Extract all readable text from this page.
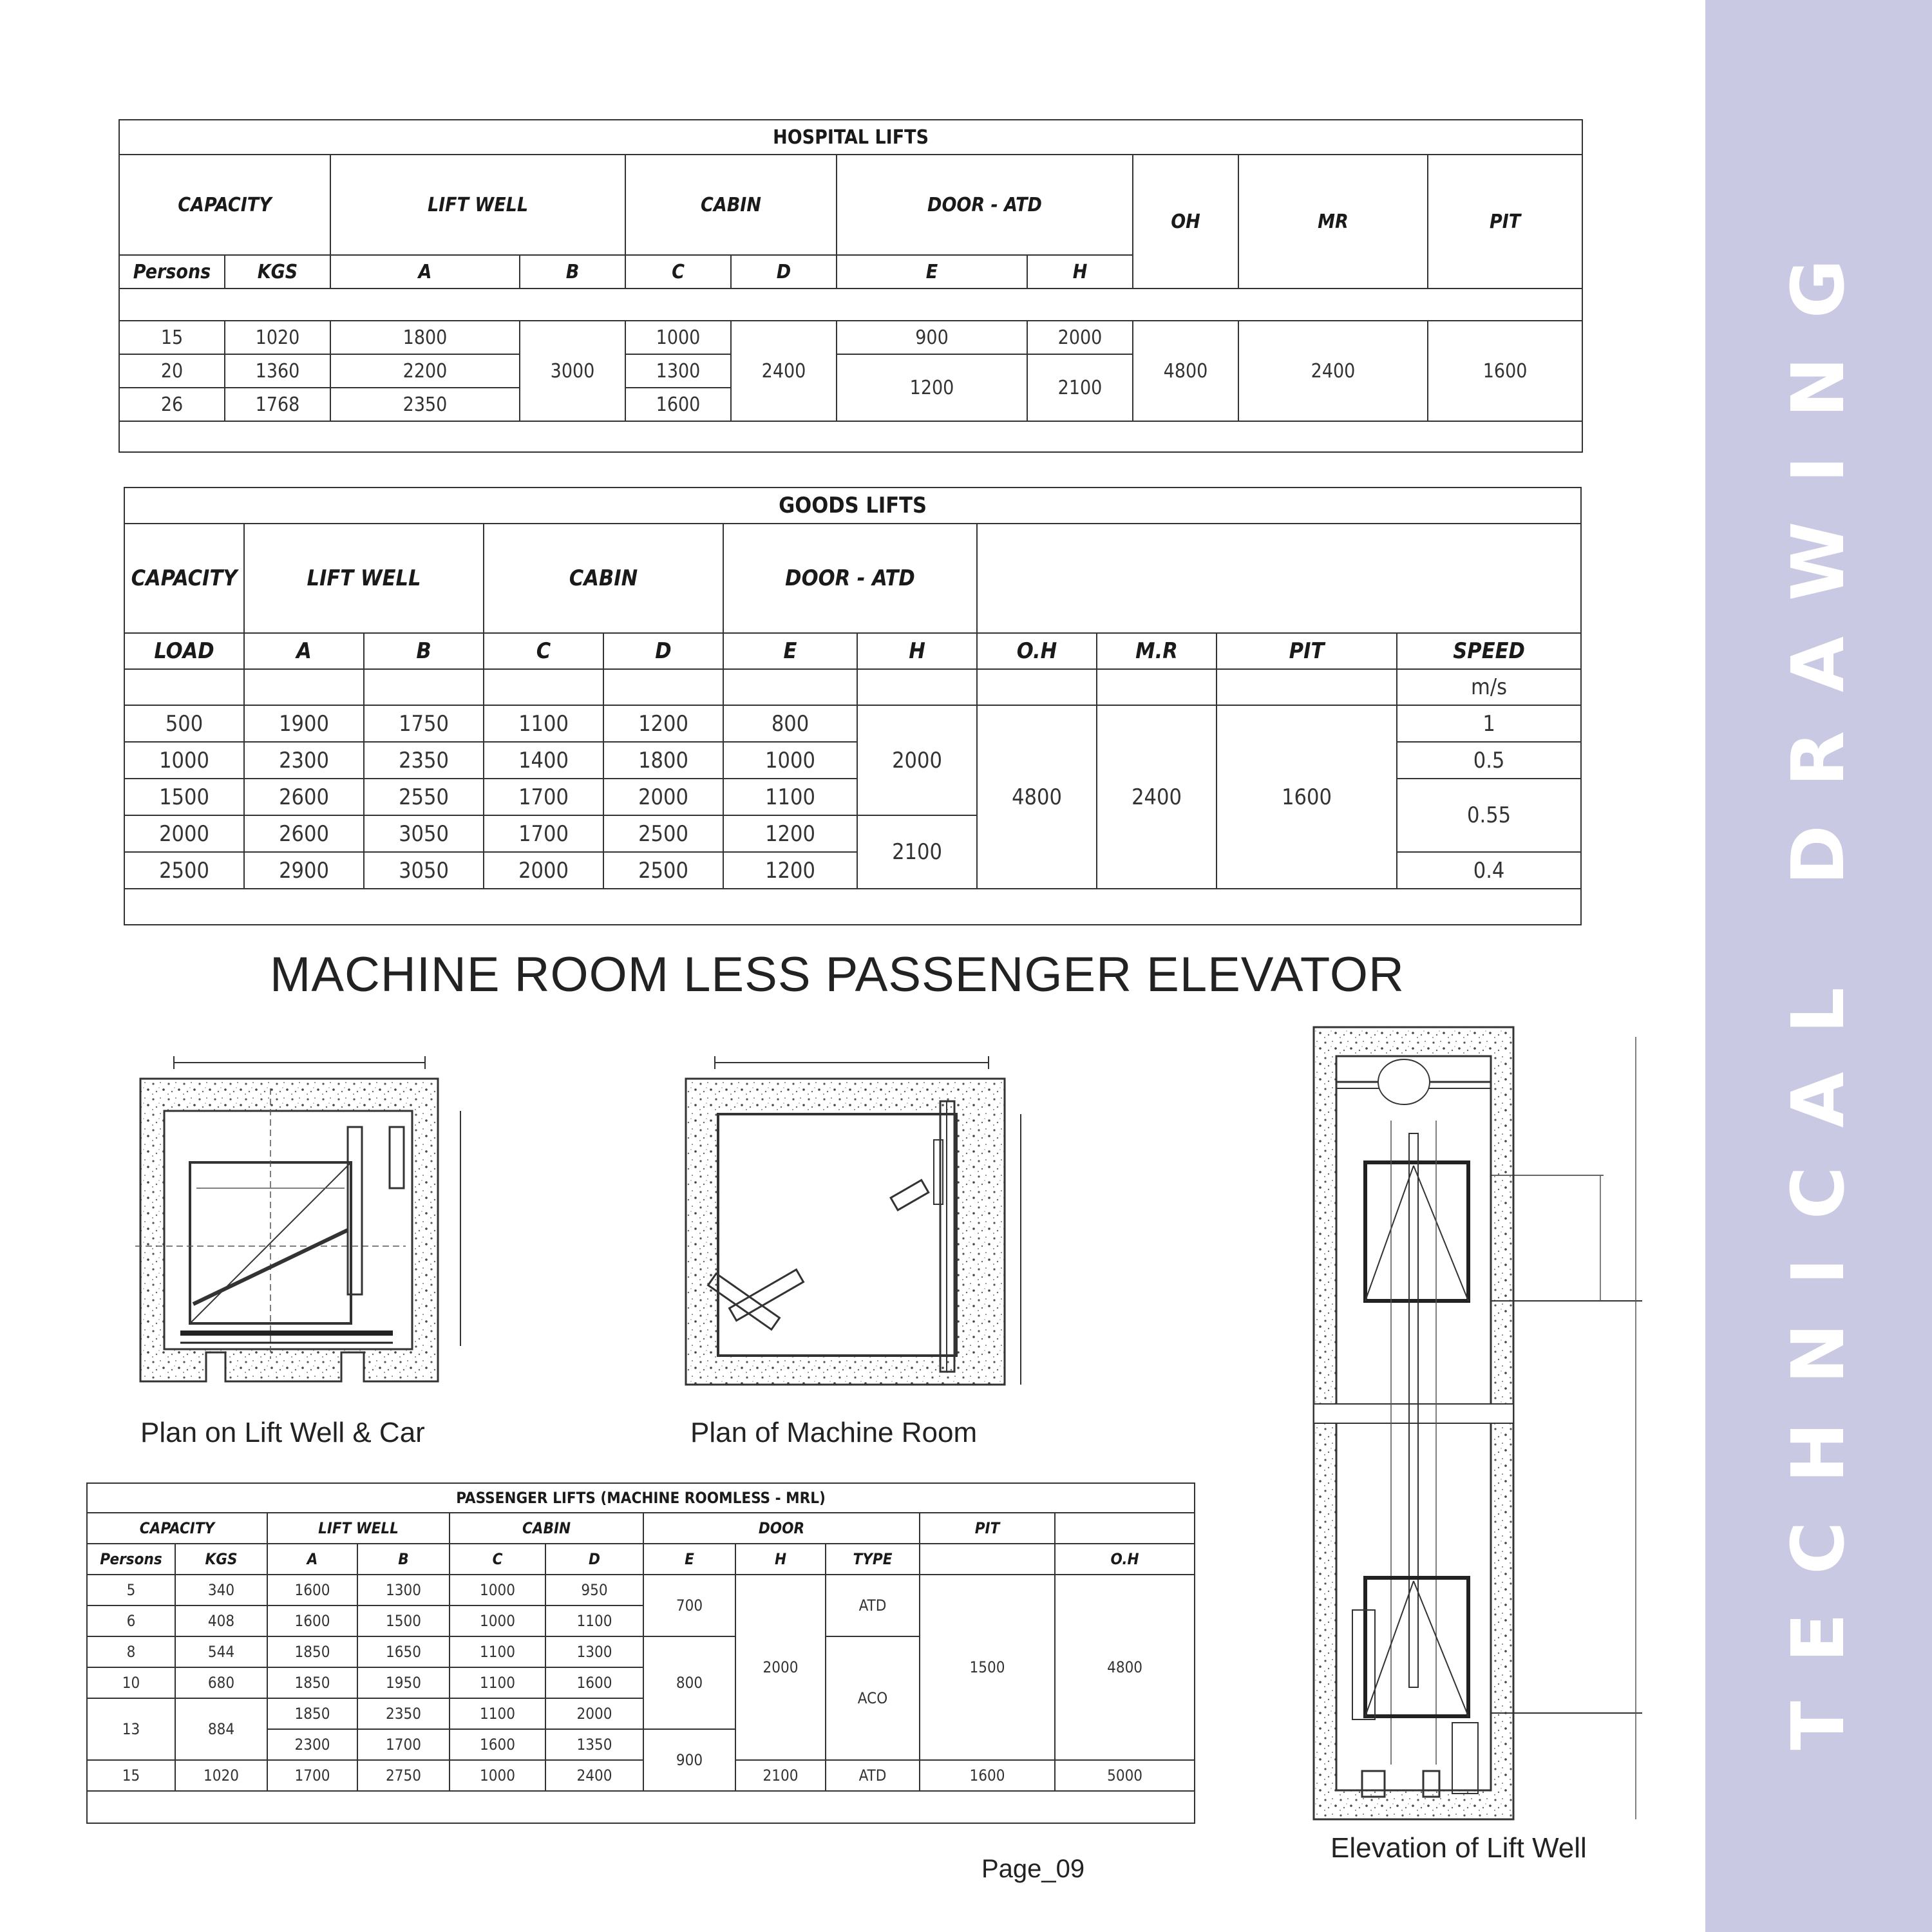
TECHNICAL DRAWING
HOSPITAL LIFTS										
CAPACITY		LIFT WELL		CABIN		DOOR - ATD		OH	MR	PIT
Persons	KGS	A	B	C	D	E	H			

15	1020	1800	3000	1000	2400	900	2000	4800	2400	1600
20	1360	2200		1300		1200	2100			
26	1768	2350		1600						

GOODS LIFTS										
CAPACITY	LIFT WELL		CABIN		DOOR - ATD					
LOAD	A	B	C	D	E	H	O.H	M.R	PIT	SPEED
										m/s
500	1900	1750	1100	1200	800	2000	4800	2400	1600	1
1000	2300	2350	1400	1800	1000					0.5
1500	2600	2550	1700	2000	1100					0.55
2000	2600	3050	1700	2500	1200	2100				
2500	2900	3050	2000	2500	1200					0.4

MACHINE ROOM LESS PASSENGER ELEVATOR
Plan on Lift Well & Car	Plan of Machine Room
Elevation of Lift Well
PASSENGER LIFTS (MACHINE ROOMLESS - MRL)										
CAPACITY		LIFT WELL		CABIN		DOOR			PIT	
Persons	KGS	A	B	C	D	E	H	TYPE		O.H
5	340	1600	1300	1000	950	700	2000	ATD	1500	4800
6	408	1600	1500	1000	1100					
8	544	1850	1650	1100	1300	800		ACO		
10	680	1850	1950	1100	1600					
13	884	1850	2350	1100	2000					
		2300	1700	1600	1350	900				
15	1020	1700	2750	1000	2400		2100	ATD	1600	5000

Page_09
